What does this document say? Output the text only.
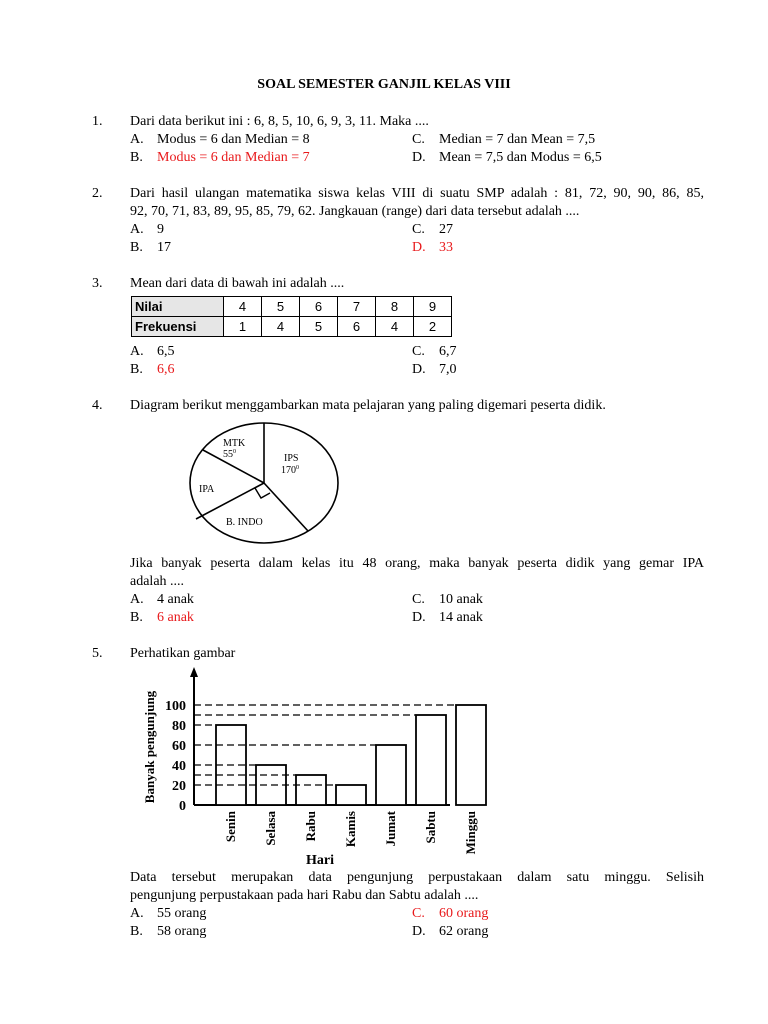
SOAL SEMESTER GANJIL KELAS VIII
1. Dari data berikut ini : 6, 8, 5, 10, 6, 9, 3, 11. Maka ....
A. Modus = 6 dan Median = 8
B. Modus = 6 dan Median = 7
C. Median = 7 dan Mean = 7,5
D. Mean = 7,5 dan Modus = 6,5
2. Dari hasil ulangan matematika siswa kelas VIII di suatu SMP adalah : 81, 72, 90, 90, 86, 85,
92, 70, 71, 83, 89, 95, 85, 79, 62. Jangkauan (range) dari data tersebut adalah ....
A. 9
B. 17
C. 27
D. 33
3. Mean dari data di bawah ini adalah ....
Nilai	4	5	6	7	8	9
Frekuensi	1	4	5	6	4	2
A. 6,5
B. 6,6
C. 6,7
D. 7,0
4. Diagram berikut menggambarkan mata pelajaran yang paling digemari peserta didik.
MTK
$55^0$
IPS
$170^0$
IPA
B. INDO
Jika banyak peserta dalam kelas itu 48 orang, maka banyak peserta didik yang gemar IPA
adalah ....
A. 4 anak
B. 6 anak
C. 10 anak
D. 14 anak
5. Perhatikan gambar
0
20
40
60
80
100
Senin Selasa Rabu Kamis Jumat Sabtu Minggu
Banyak pengunjung
Hari
Data tersebut merupakan data pengunjung perpustakaan dalam satu minggu. Selisih
pengunjung perpustakaan pada hari Rabu dan Sabtu adalah ....
A. 55 orang
B. 58 orang
C. 60 orang
D. 62 orang
